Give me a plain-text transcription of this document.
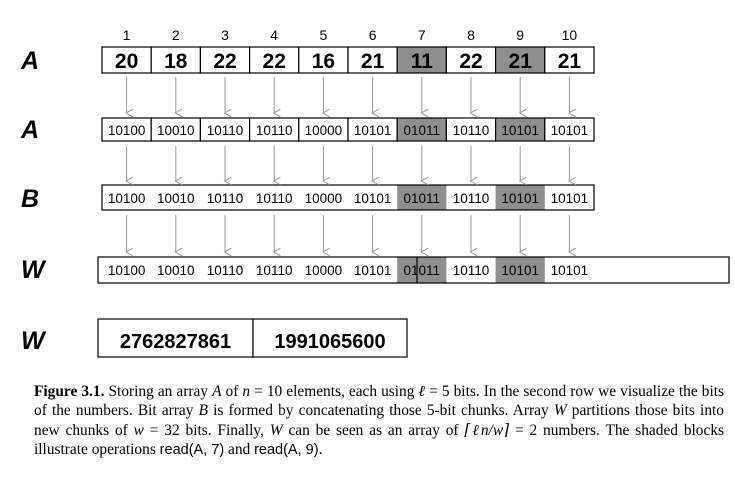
1	2	3	4	5	6	7	8	9	10
A
A
B
W
W
20 18 22 22 16 21 11 22 21 21
10100 10010 10110 10110 10000 10101 01011 10110 10101 10101
10100 10010 10110 10110 10000 10101 01011 10110 10101 10101
10100 10010 10110 10110 10000 10101 01011 10110 10101 10101
2762827861 1991065600
Figure 3.1. Storing an array A of n = 10 elements, each using ℓ = 5 bits. In the second row we visualize the bits of the numbers. Bit array B is formed by concatenating those 5-bit chunks. Array W partitions those bits into new chunks of w = 32 bits. Finally, W can be seen as an array of ⌈ℓn/w⌉ = 2 numbers. The shaded blocks illustrate operations read(A, 7) and read(A, 9).
